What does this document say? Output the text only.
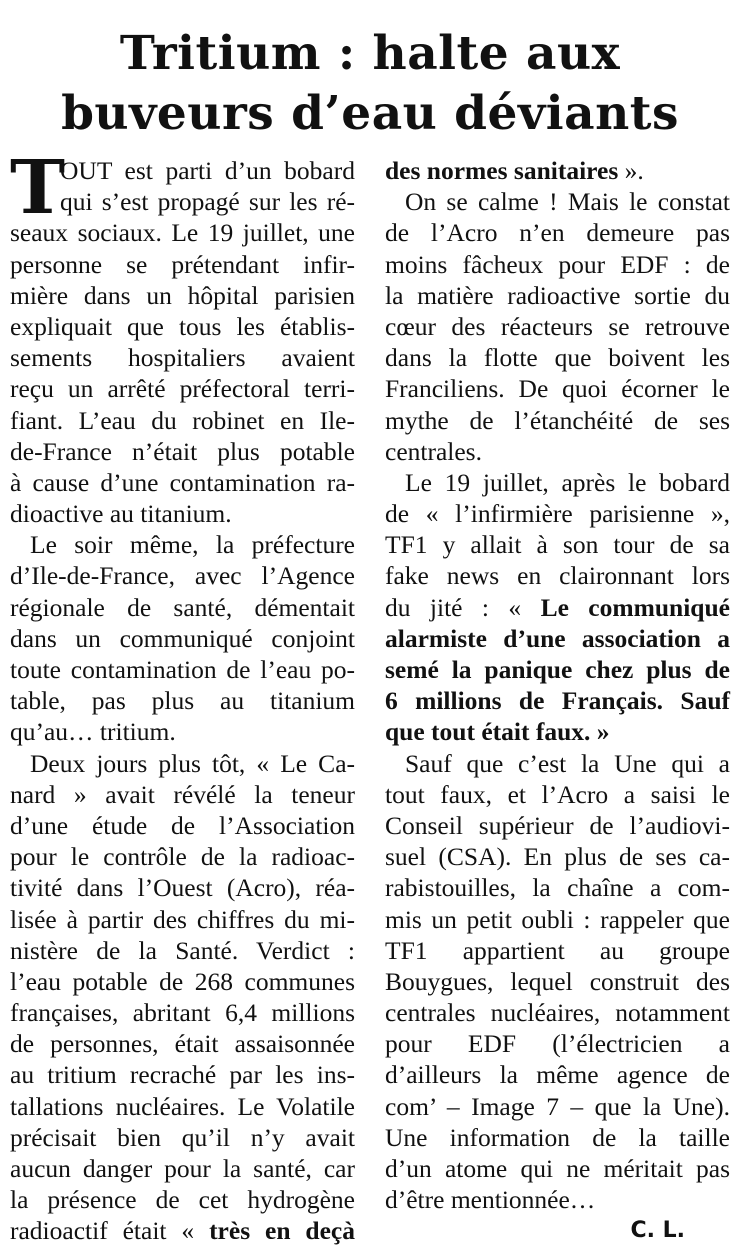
Tritium : halte aux
buveurs d’eau déviants
T
OUT est parti d’un bobard
qui s’est propagé sur les ré-
seaux sociaux. Le 19 juillet, une
personne se prétendant infir-
mière dans un hôpital parisien
expliquait que tous les établis-
sements hospitaliers avaient
reçu un arrêté préfectoral terri-
fiant. L’eau du robinet en Ile-
de-France n’était plus potable
à cause d’une contamination ra-
dioactive au titanium.
Le soir même, la préfecture
d’Ile-de-France, avec l’Agence
régionale de santé, démentait
dans un communiqué conjoint
toute contamination de l’eau po-
table, pas plus au titanium
qu’au… tritium.
Deux jours plus tôt, « Le Ca-
nard » avait révélé la teneur
d’une étude de l’Association
pour le contrôle de la radioac-
tivité dans l’Ouest (Acro), réa-
lisée à partir des chiffres du mi-
nistère de la Santé. Verdict :
l’eau potable de 268 communes
françaises, abritant 6,4 millions
de personnes, était assaisonnée
au tritium recraché par les ins-
tallations nucléaires. Le Volatile
précisait bien qu’il n’y avait
aucun danger pour la santé, car
la présence de cet hydrogène
radioactif était « très en deçà
des normes sanitaires ».
On se calme ! Mais le constat
de l’Acro n’en demeure pas
moins fâcheux pour EDF : de
la matière radioactive sortie du
cœur des réacteurs se retrouve
dans la flotte que boivent les
Franciliens. De quoi écorner le
mythe de l’étanchéité de ses
centrales.
Le 19 juillet, après le bobard
de « l’infirmière parisienne »,
TF1 y allait à son tour de sa
fake news en claironnant lors
du jité : « Le communiqué
alarmiste d’une association a
semé la panique chez plus de
6 millions de Français. Sauf
que tout était faux. »
Sauf que c’est la Une qui a
tout faux, et l’Acro a saisi le
Conseil supérieur de l’audiovi-
suel (CSA). En plus de ses ca-
rabistouilles, la chaîne a com-
mis un petit oubli : rappeler que
TF1 appartient au groupe
Bouygues, lequel construit des
centrales nucléaires, notamment
pour EDF (l’électricien a
d’ailleurs la même agence de
com’ – Image 7 – que la Une).
Une information de la taille
d’un atome qui ne méritait pas
d’être mentionnée…
C. L.
